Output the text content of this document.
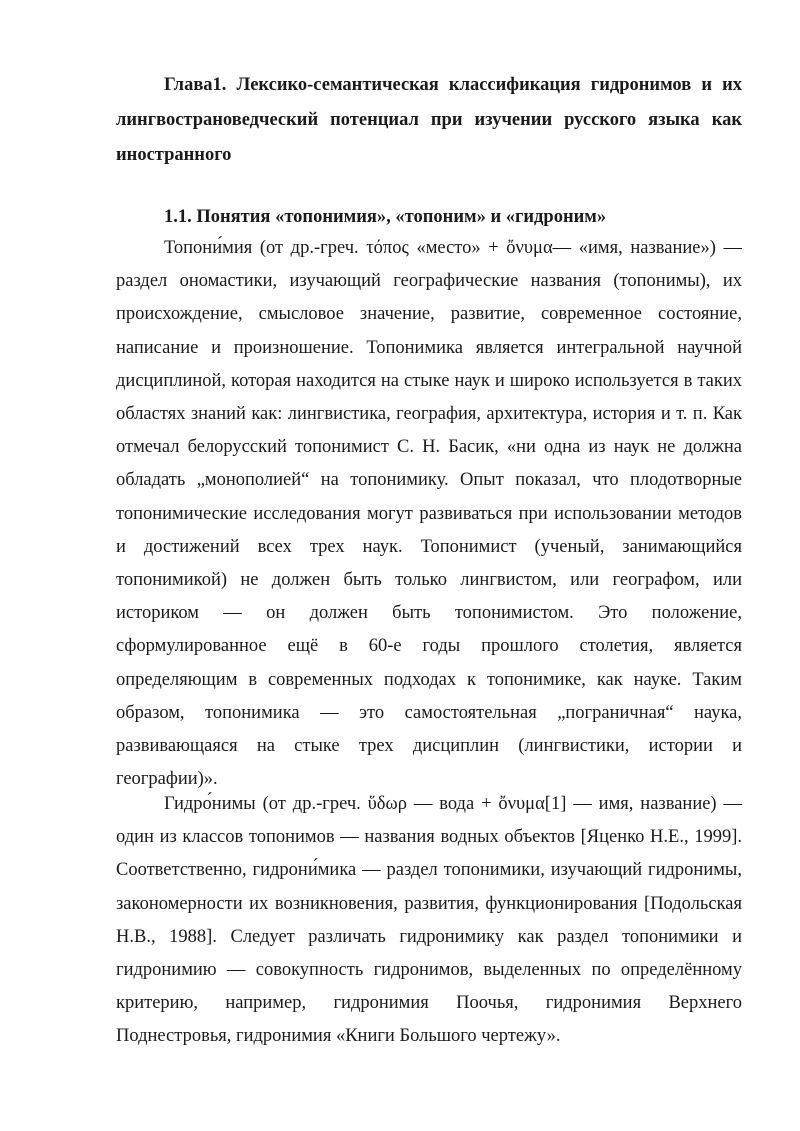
Глава1. Лексико-семантическая классификация гидронимов и их лингвострановедческий потенциал при изучении русского языка как иностранного
1.1. Понятия «топонимия», «топоним» и «гидроним»

Топони́мия (от др.-греч. τόπος «место» + ὄνυμα— «имя, название») — раздел ономастики, изучающий географические названия (топонимы), их происхождение, смысловое значение, развитие, современное состояние, написание и произношение. Топонимика является интегральной научной дисциплиной, которая находится на стыке наук и широко используется в таких областях знаний как: лингвистика, география, архитектура, история и т. п. Как отмечал белорусский топонимист С. Н. Басик, «ни одна из наук не должна обладать „монополией“ на топонимику. Опыт показал, что плодотворные топонимические исследования могут развиваться при использовании методов и достижений всех трех наук. Топонимист (ученый, занимающийся топонимикой) не должен быть только лингвистом, или географом, или историком — он должен быть топонимистом. Это положение, сформулированное ещё в 60-е годы прошлого столетия, является определяющим в современных подходах к топонимике, как науке. Таким образом, топонимика — это самостоятельная „пограничная“ наука, развивающаяся на стыке трех дисциплин (лингвистики, истории и географии)».

Гидро́нимы (от др.-греч. ὕδωρ — вода + ὄνυμα[1] — имя, название) — один из классов топонимов — названия водных объектов [Яценко Н.Е., 1999]. Соответственно, гидрони́мика — раздел топонимики, изучающий гидронимы, закономерности их возникновения, развития, функционирования [Подольская Н.В., 1988]. Следует различать гидронимику как раздел топонимики и гидронимию — совокупность гидронимов, выделенных по определённому критерию, например, гидронимия Поочья, гидронимия Верхнего Поднестровья, гидронимия «Книги Большого чертежу».
